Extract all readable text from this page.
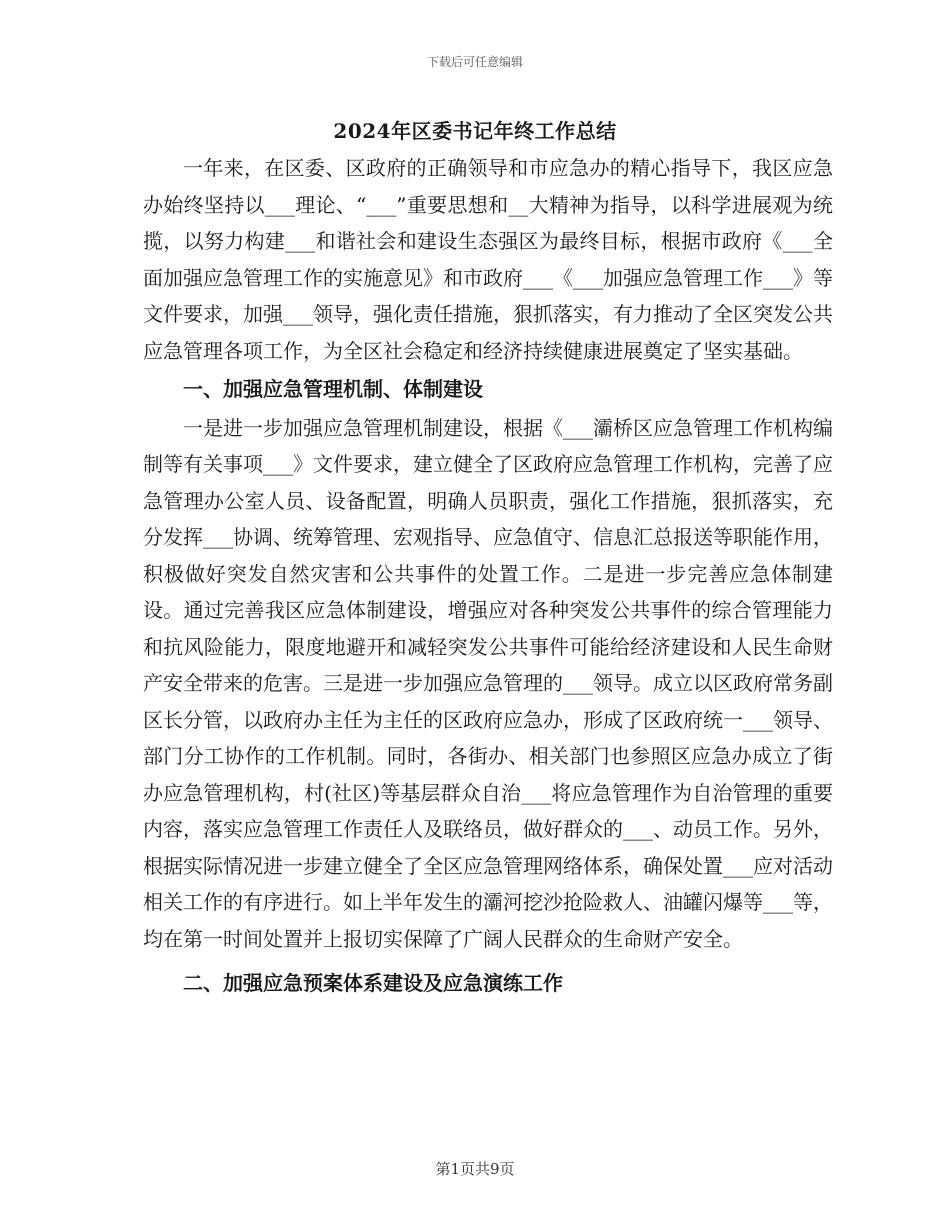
下载后可任意编辑
2024年区委书记年终工作总结

一年来，在区委、区政府的正确领导和市应急办的精心指导下，我区应急办始终坚持以___理论、“___”重要思想和__大精神为指导，以科学进展观为统揽，以努力构建___和谐社会和建设生态强区为最终目标，根据市政府《___全面加强应急管理工作的实施意见》和市政府___《___加强应急管理工作___》等文件要求，加强___领导，强化责任措施，狠抓落实，有力推动了全区突发公共应急管理各项工作，为全区社会稳定和经济持续健康进展奠定了坚实基础。

一、加强应急管理机制、体制建设

一是进一步加强应急管理机制建设，根据《___灞桥区应急管理工作机构编制等有关事项___》文件要求，建立健全了区政府应急管理工作机构，完善了应急管理办公室人员、设备配置，明确人员职责，强化工作措施，狠抓落实，充分发挥___协调、统筹管理、宏观指导、应急值守、信息汇总报送等职能作用，积极做好突发自然灾害和公共事件的处置工作。二是进一步完善应急体制建设。通过完善我区应急体制建设，增强应对各种突发公共事件的综合管理能力和抗风险能力，限度地避开和减轻突发公共事件可能给经济建设和人民生命财产安全带来的危害。三是进一步加强应急管理的___领导。成立以区政府常务副区长分管，以政府办主任为主任的区政府应急办，形成了区政府统一___领导、部门分工协作的工作机制。同时，各街办、相关部门也参照区应急办成立了街办应急管理机构，村(社区)等基层群众自治___将应急管理作为自治管理的重要内容，落实应急管理工作责任人及联络员，做好群众的___、动员工作。另外，根据实际情况进一步建立健全了全区应急管理网络体系，确保处置___应对活动相关工作的有序进行。如上半年发生的灞河挖沙抢险救人、油罐闪爆等___等，均在第一时间处置并上报切实保障了广阔人民群众的生命财产安全。

二、加强应急预案体系建设及应急演练工作

第1页共9页
